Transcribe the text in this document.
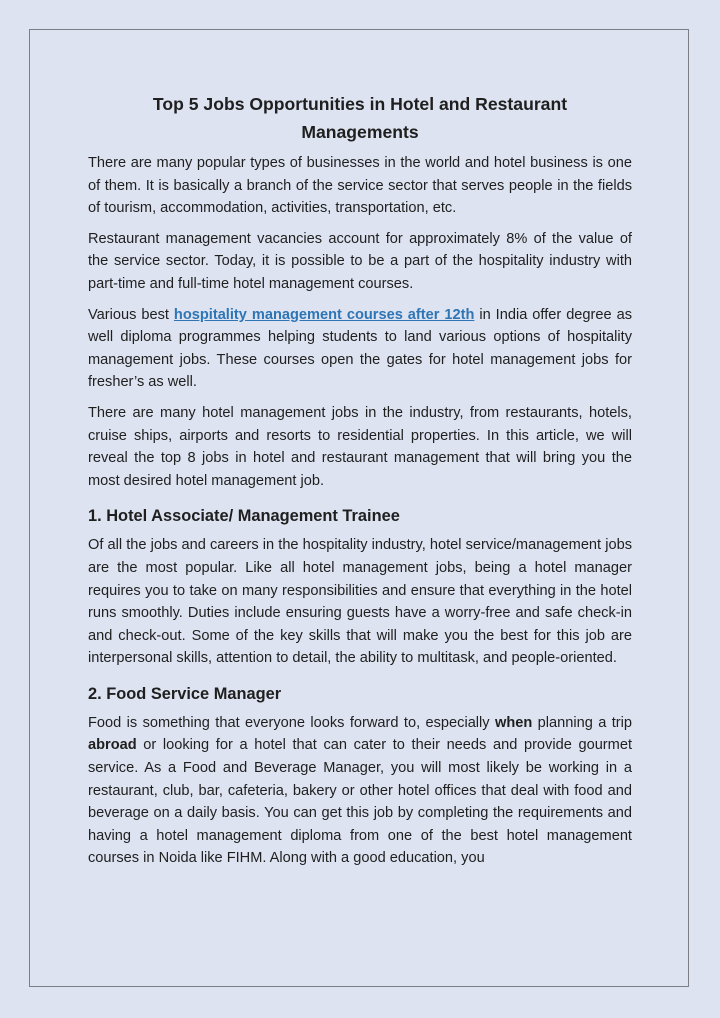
Top 5 Jobs Opportunities in Hotel and Restaurant
Managements

There are many popular types of businesses in the world and hotel business is one of them. It is basically a branch of the service sector that serves people in the fields of tourism, accommodation, activities, transportation, etc.

Restaurant management vacancies account for approximately 8% of the value of the service sector. Today, it is possible to be a part of the hospitality industry with part-time and full-time hotel management courses.

Various best hospitality management courses after 12th in India offer degree as well diploma programmes helping students to land various options of hospitality management jobs. These courses open the gates for hotel management jobs for fresher’s as well.

There are many hotel management jobs in the industry, from restaurants, hotels, cruise ships, airports and resorts to residential properties. In this article, we will reveal the top 8 jobs in hotel and restaurant management that will bring you the most desired hotel management job.

1. Hotel Associate/ Management Trainee

Of all the jobs and careers in the hospitality industry, hotel service/management jobs are the most popular. Like all hotel management jobs, being a hotel manager requires you to take on many responsibilities and ensure that everything in the hotel runs smoothly. Duties include ensuring guests have a worry-free and safe check-in and check-out. Some of the key skills that will make you the best for this job are interpersonal skills, attention to detail, the ability to multitask, and people-oriented.

2. Food Service Manager

Food is something that everyone looks forward to, especially when planning a trip abroad or looking for a hotel that can cater to their needs and provide gourmet service. As a Food and Beverage Manager, you will most likely be working in a restaurant, club, bar, cafeteria, bakery or other hotel offices that deal with food and beverage on a daily basis. You can get this job by completing the requirements and having a hotel management diploma from one of the best hotel management courses in Noida like FIHM. Along with a good education, you
